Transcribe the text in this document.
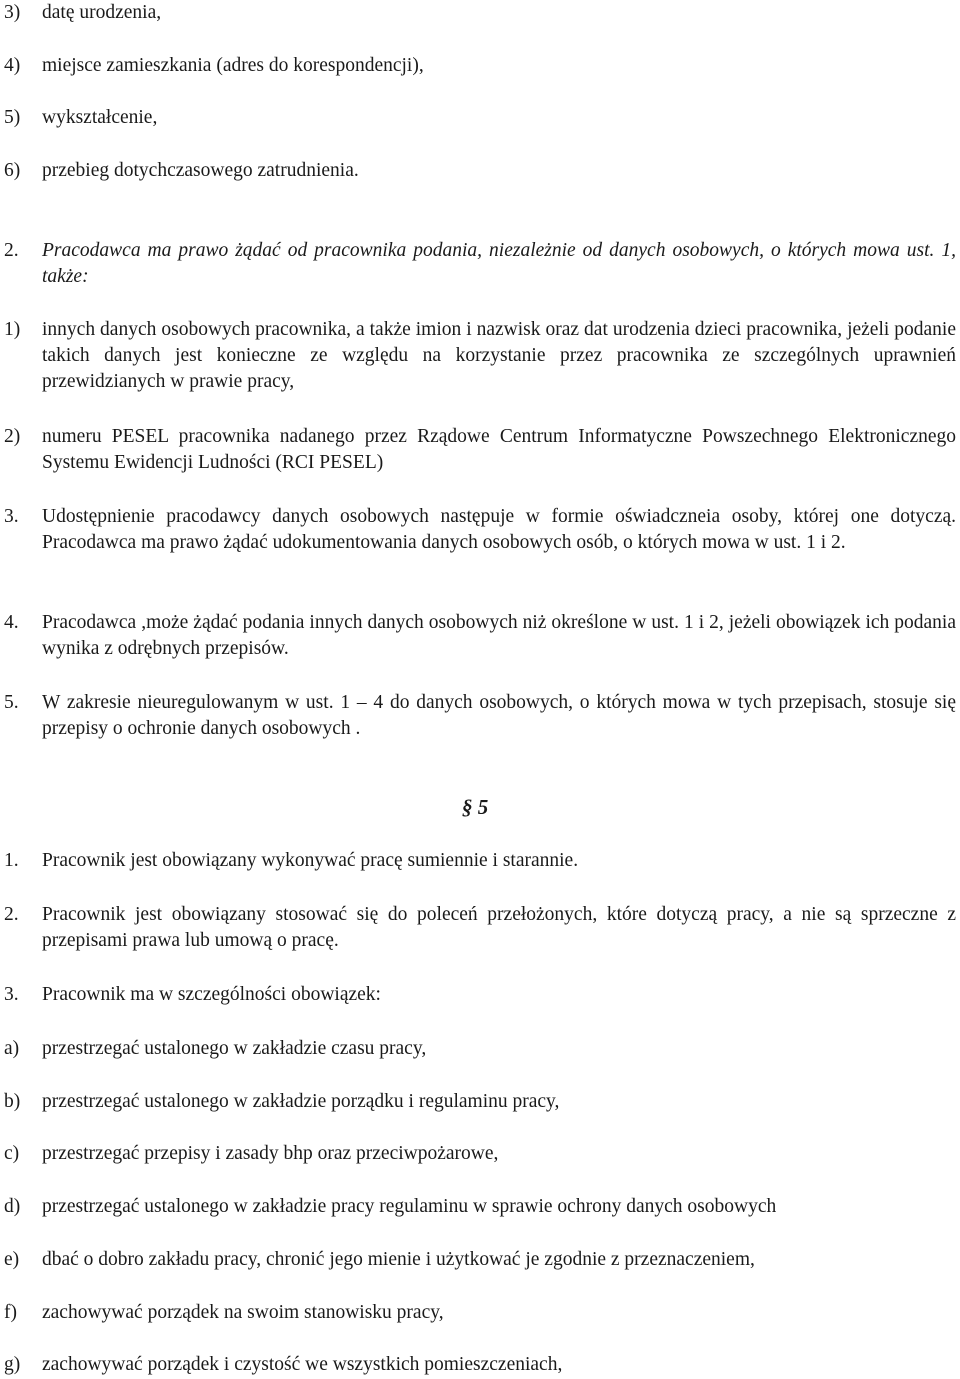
3)	datę urodzenia,
4)	miejsce zamieszkania (adres do korespondencji),
5)	wykształcenie,
6)	przebieg dotychczasowego zatrudnienia.
2.	Pracodawca ma prawo żądać od pracownika podania, niezależnie od danych osobowych, o których mowa ust. 1, także:
1)	innych danych osobowych pracownika, a także imion i nazwisk oraz dat urodzenia dzieci pracownika, jeżeli podanie takich danych jest konieczne ze względu na korzystanie przez pracownika ze szczególnych uprawnień przewidzianych w prawie pracy,
2)	numeru PESEL pracownika nadanego przez Rządowe Centrum Informatyczne Powszechnego Elektronicznego Systemu Ewidencji Ludności (RCI PESEL)
3.	Udostępnienie pracodawcy danych osobowych następuje w formie oświadczneia osoby, której one dotyczą. Pracodawca ma prawo żądać udokumentowania danych osobowych osób, o których mowa w ust. 1 i 2.
4.	Pracodawca ,może żądać podania innych danych osobowych niż określone w ust. 1 i 2, jeżeli obowiązek ich podania wynika z odrębnych przepisów.
5.	W zakresie nieuregulowanym w ust. 1 – 4 do danych osobowych, o których mowa w tych przepisach, stosuje się przepisy o ochronie danych osobowych .
§ 5
1.	Pracownik jest obowiązany wykonywać pracę sumiennie i starannie.
2.	Pracownik jest obowiązany stosować się do poleceń przełożonych, które dotyczą pracy, a nie są sprzeczne z przepisami prawa lub umową o pracę.
3.	Pracownik ma w szczególności obowiązek:
a)	przestrzegać ustalonego w zakładzie czasu pracy,
b)	przestrzegać ustalonego w zakładzie porządku i regulaminu pracy,
c)	przestrzegać przepisy i zasady bhp oraz przeciwpożarowe,
d)	przestrzegać ustalonego w zakładzie pracy regulaminu w sprawie ochrony danych osobowych
e)	dbać o dobro zakładu pracy, chronić jego mienie i użytkować je zgodnie z przeznaczeniem,
f)	zachowywać porządek na swoim stanowisku pracy,
g)	zachowywać porządek i czystość we wszystkich pomieszczeniach,
